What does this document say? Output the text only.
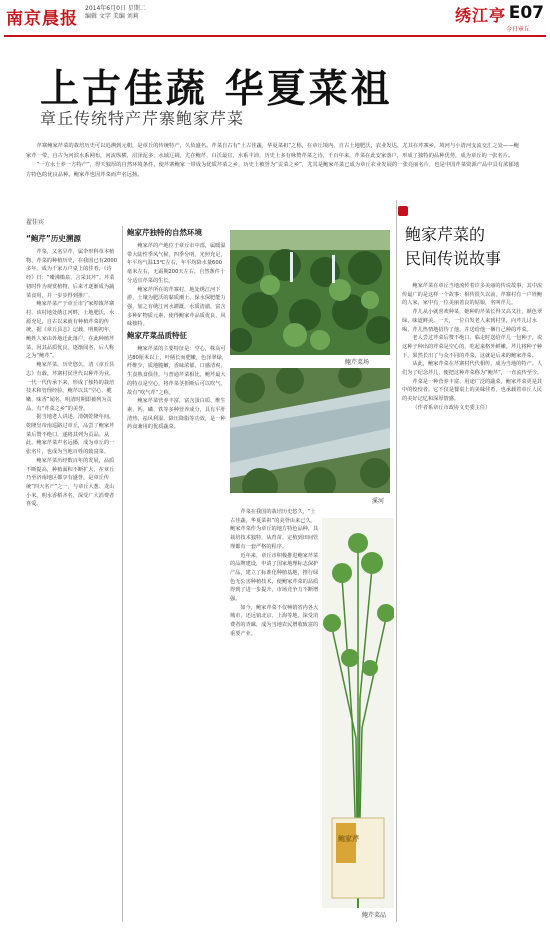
南京晨报
2014年6月0日 星期二
编辑 文字 美编 刘莉	绣江亭 E07
今日章丘
上古佳蔬 华夏菜祖
章丘传统特产芹寨鲍家芹菜

芹寨鲍家芹菜的栽培历史可以追溯到元朝，是章丘的传统特产，久负盛名。芹菜自古有“上古佳蔬，华夏菜祖”之称，在章丘境内，自古土地肥沃，农业发达，尤其在芹寨乡，境河与小清河支流交汇之处——鲍家芹一带，自古为河滨水系网布，河流纵横，沼泽泥多，水域辽阔，尤在鲍芹、白沃最宜，水系丰沛，历史上多有咏赞芹菜之诗，千百年来，芹菜在此安家落户，形成了独特的品种优势，成为章丘的一张名片。

“一方水土养一方特产”，得天独厚的自然环境条件，使芹寨鲍家一带成为优质芹菜之乡，历史上被誉为“贡菜之乡”，尤其是鲍家芹菜已成为章丘农业发展的一张亮丽名片，也是中国芹菜资源产品中具有浓郁地方特色的优良品种。鲍家芹也因芹菜而声名远扬。

翟佳宾
“鲍芹”历史溯源

芹菜，又名旱芹，属伞形科草本植物，芹菜的种植历史，在我国已有2000多年，成为千家万户桌上的佳肴。《诗经》曰：“觱沸槛泉，言采其芹”。芹菜初时作为观赏植物，后来才逐渐成为蔬菜食用，并一步步得到推广。

鲍家芹菜产于章丘市宁家埠镇芹寨村，该村地处绣江河畔，土地肥沃，水源充足，自古以来就有种植芹菜的传统。据《章丘县志》记载，明朝初年，鲍姓人家由外地迁此落户，在此种植芹菜，因其品质优良，逐渐闻名，后人称之为“鲍芹”。

鲍家芹菜，历史悠久，清《章丘县志》有载。芹寨村民世代以种芹为业，一代一代传承下来，形成了独特的栽培技术和管理经验。鲍芹以其“空心、脆嫩、味香”闻名，明清时期即被列为贡品，有“芹菜之乡”的美誉。

据当地老人讲述，清朝乾隆年间，乾隆皇帝南巡路过章丘，品尝了鲍家芹菜后赞不绝口，遂将其列为贡品。从此，鲍家芹菜声名远播，成为章丘的一张名片，也成为当地百姓的致富菜。

鲍家芹菜历经数百年的发展，品质不断提高，种植面积不断扩大，在章丘乃至济南地区都享有盛誉，是章丘传统“四大名产”之一，与章丘大葱、龙山小米、明水香稻齐名，深受广大消费者喜爱。

鲍家芹独特的自然环境

鲍家芹的产地位于章丘市中部，属暖温带大陆性季风气候，四季分明，光照充足，年平均气温13℃左右，年平均降水量600毫米左右，无霜期200天左右，自然条件十分适宜芹菜的生长。

鲍家芹所在的芹寨村，地处绣江河下游，土壤为肥沃的黏质潮土，保水保肥能力强，加之有绣江河水灌溉，水质清澈，富含多种矿物质元素，使得鲍家芹品质优良，风味独特。

鲍家芹菜品质特征

鲍家芹菜的主要特征是：空心，株高可达80厘米以上，叶柄长而肥嫩，色泽翠绿，纤维少，质地脆嫩，香味浓郁，口感清爽，生食熟食俱佳。与普通芹菜相比，鲍芹最大的特点是空心，将芹菜茎折断后可以吹气，故有“吹气芹”之称。

鲍家芹菜营养丰富，富含蛋白质、维生素、钙、磷、铁等多种营养成分，具有平肝清热、祛风利湿、降压降脂等功效，是一种药食兼用的优质蔬菜。

鲍芹菜场
溪河

芹菜在我国的栽培历史悠久，“上古佳蔬，华夏菜祖”的美誉由来已久。鲍家芹菜作为章丘的地方特色品种，其栽培技术独特，从育苗、定植到田间管理都有一套严格的程序。

近年来，章丘市积极推进鲍家芹菜的品牌建设，申请了国家地理标志保护产品，建立了标准化种植基地，推行绿色无公害种植技术，使鲍家芹菜的品质得到了进一步提升，市场竞争力不断增强。

如今，鲍家芹菜不仅畅销省内各大城市，还远销北京、上海等地，深受消费者的青睐，成为当地农民增收致富的重要产业。

鲍家芹
鲍芹菜品
鲍家芹菜的
民间传说故事

鲍家芹菜在章丘当地流传着许多美丽的传说故事，其中流传最广的是这样一个故事：相传很久以前，芹寨村有一户姓鲍的人家，家中有一位美丽善良的姑娘，名叫芹儿。

芹儿从小就喜欢种菜，她种的芹菜长得又高又壮，颜色翠绿，味道鲜美。一天，一位白发老人来到村里，向芹儿讨水喝，芹儿热情地招待了他，并送给他一捆自己种的芹菜。

老人尝过芹菜后赞不绝口，临走时送给芹儿一包种子，说这种子种出的芹菜是空心的，吃起来格外鲜嫩。芹儿将种子种下，果然长出了与众不同的芹菜，这就是后来的鲍家芹菜。

从此，鲍家芹菜在芹寨村代代相传，成为当地的特产。人们为了纪念芹儿，便把这种芹菜称为“鲍芹”，一直流传至今。

芹菜是一种营养丰富、用途广泛的蔬菜，鲍家芹菜更是其中的佼佼者。它不仅是餐桌上的美味佳肴，也承载着章丘人民的美好记忆和深厚情感。

（作者系章丘市政协文史委主任）
